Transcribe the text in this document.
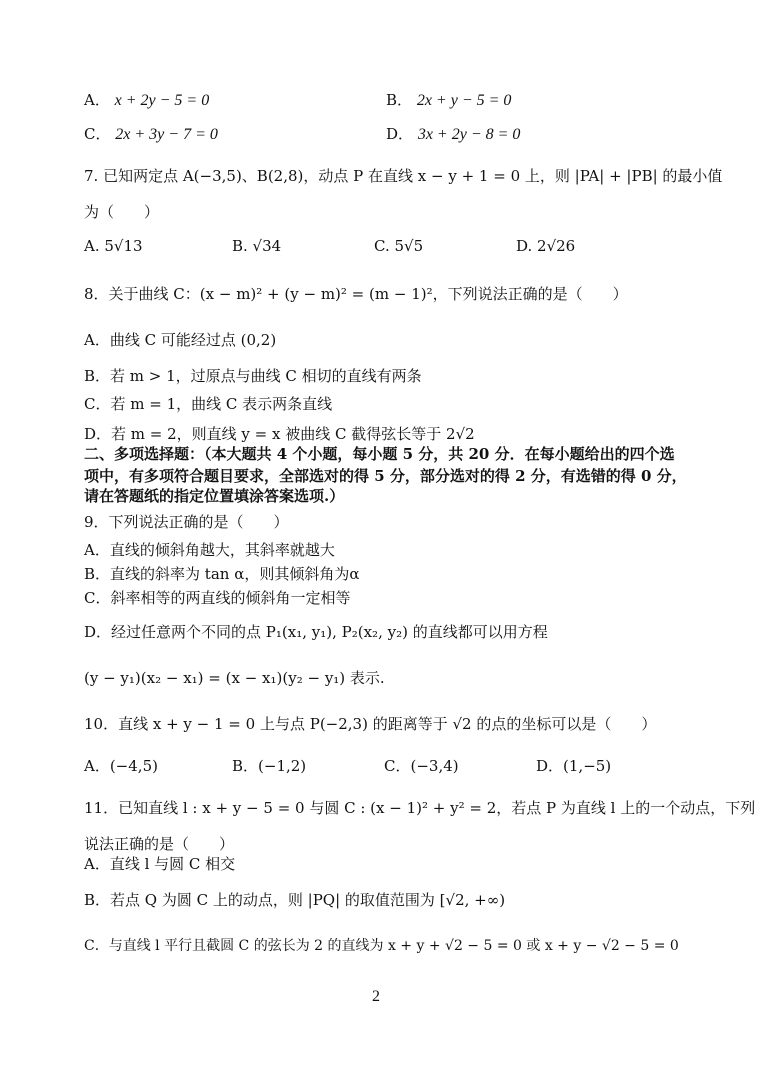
A． x + 2y − 5 = 0	B． 2x + y − 5 = 0
C． 2x + 3y − 7 = 0	D． 3x + 2y − 8 = 0
7. 已知两定点 A(−3,5)、B(2,8)，动点 P 在直线 x − y + 1 = 0 上，则 |PA| + |PB| 的最小值
为（　　）
A. 5√13	B. √34	C. 5√5	D. 2√26
8．关于曲线 C：(x − m)² + (y − m)² = (m − 1)²，下列说法正确的是（　　）
A．曲线 C 可能经过点 (0,2)
B．若 m > 1，过原点与曲线 C 相切的直线有两条
C．若 m = 1，曲线 C 表示两条直线
D．若 m = 2，则直线 y = x 被曲线 C 截得弦长等于 2√2
二、多项选择题：（本大题共 4 个小题，每小题 5 分，共 20 分．在每小题给出的四个选
项中，有多项符合题目要求，全部选对的得 5 分，部分选对的得 2 分，有选错的得 0 分，
请在答题纸的指定位置填涂答案选项.）
9．下列说法正确的是（　　）
A．直线的倾斜角越大，其斜率就越大
B．直线的斜率为 tan α，则其倾斜角为α
C．斜率相等的两直线的倾斜角一定相等
D．经过任意两个不同的点 P₁(x₁, y₁), P₂(x₂, y₂) 的直线都可以用方程
(y − y₁)(x₂ − x₁) = (x − x₁)(y₂ − y₁) 表示.
10．直线 x + y − 1 = 0 上与点 P(−2,3) 的距离等于 √2 的点的坐标可以是（　　）
A．(−4,5)	B．(−1,2)	C．(−3,4)	D．(1,−5)
11．已知直线 l : x + y − 5 = 0 与圆 C : (x − 1)² + y² = 2，若点 P 为直线 l 上的一个动点，下列
说法正确的是（　　）
A．直线 l 与圆 C 相交
B．若点 Q 为圆 C 上的动点，则 |PQ| 的取值范围为 [√2, +∞)
C．与直线 l 平行且截圆 C 的弦长为 2 的直线为 x + y + √2 − 5 = 0 或 x + y − √2 − 5 = 0
2
